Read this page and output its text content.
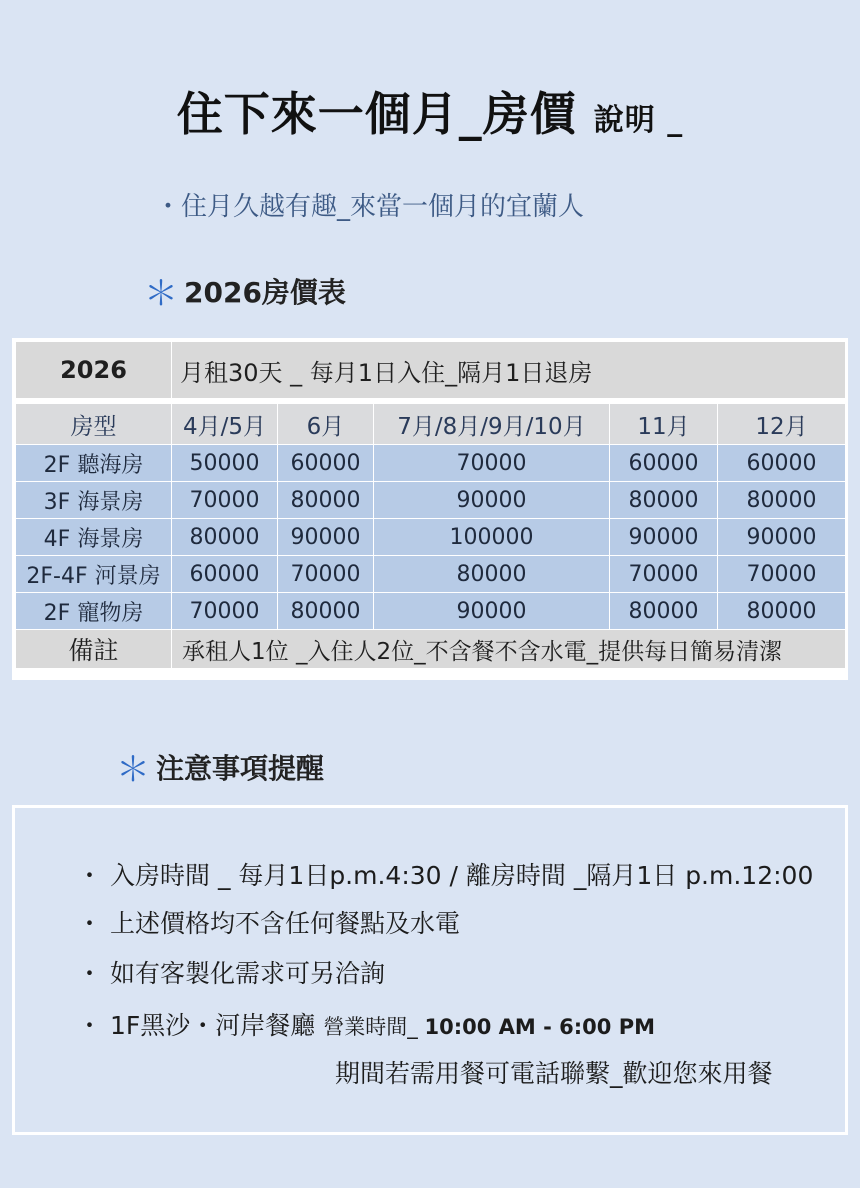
住下來一個月_房價 說明 _
・住月久越有趣_來當一個月的宜蘭人
＊ 2026房價表
2026	月租30天 _ 每月1日入住_隔月1日退房				

房型	4月/5月	6月	7月/8月/9月/10月	11月	12月
2F 聽海房	50000	60000	70000	60000	60000
3F 海景房	70000	80000	90000	80000	80000
4F 海景房	80000	90000	100000	90000	90000
2F-4F 河景房	60000	70000	80000	70000	70000
2F 寵物房	70000	80000	90000	80000	80000
備註	承租人1位 _入住人2位_不含餐不含水電_提供每日簡易清潔				
＊ 注意事項提醒
・ 入房時間 _ 每月1日p.m.4:30 / 離房時間 _隔月1日 p.m.12:00
・ 上述價格均不含任何餐點及水電
・ 如有客製化需求可另洽詢
・ 1F黑沙・河岸餐廳 營業時間_ 10:00 AM - 6:00 PM
期間若需用餐可電話聯繫_歡迎您來用餐
